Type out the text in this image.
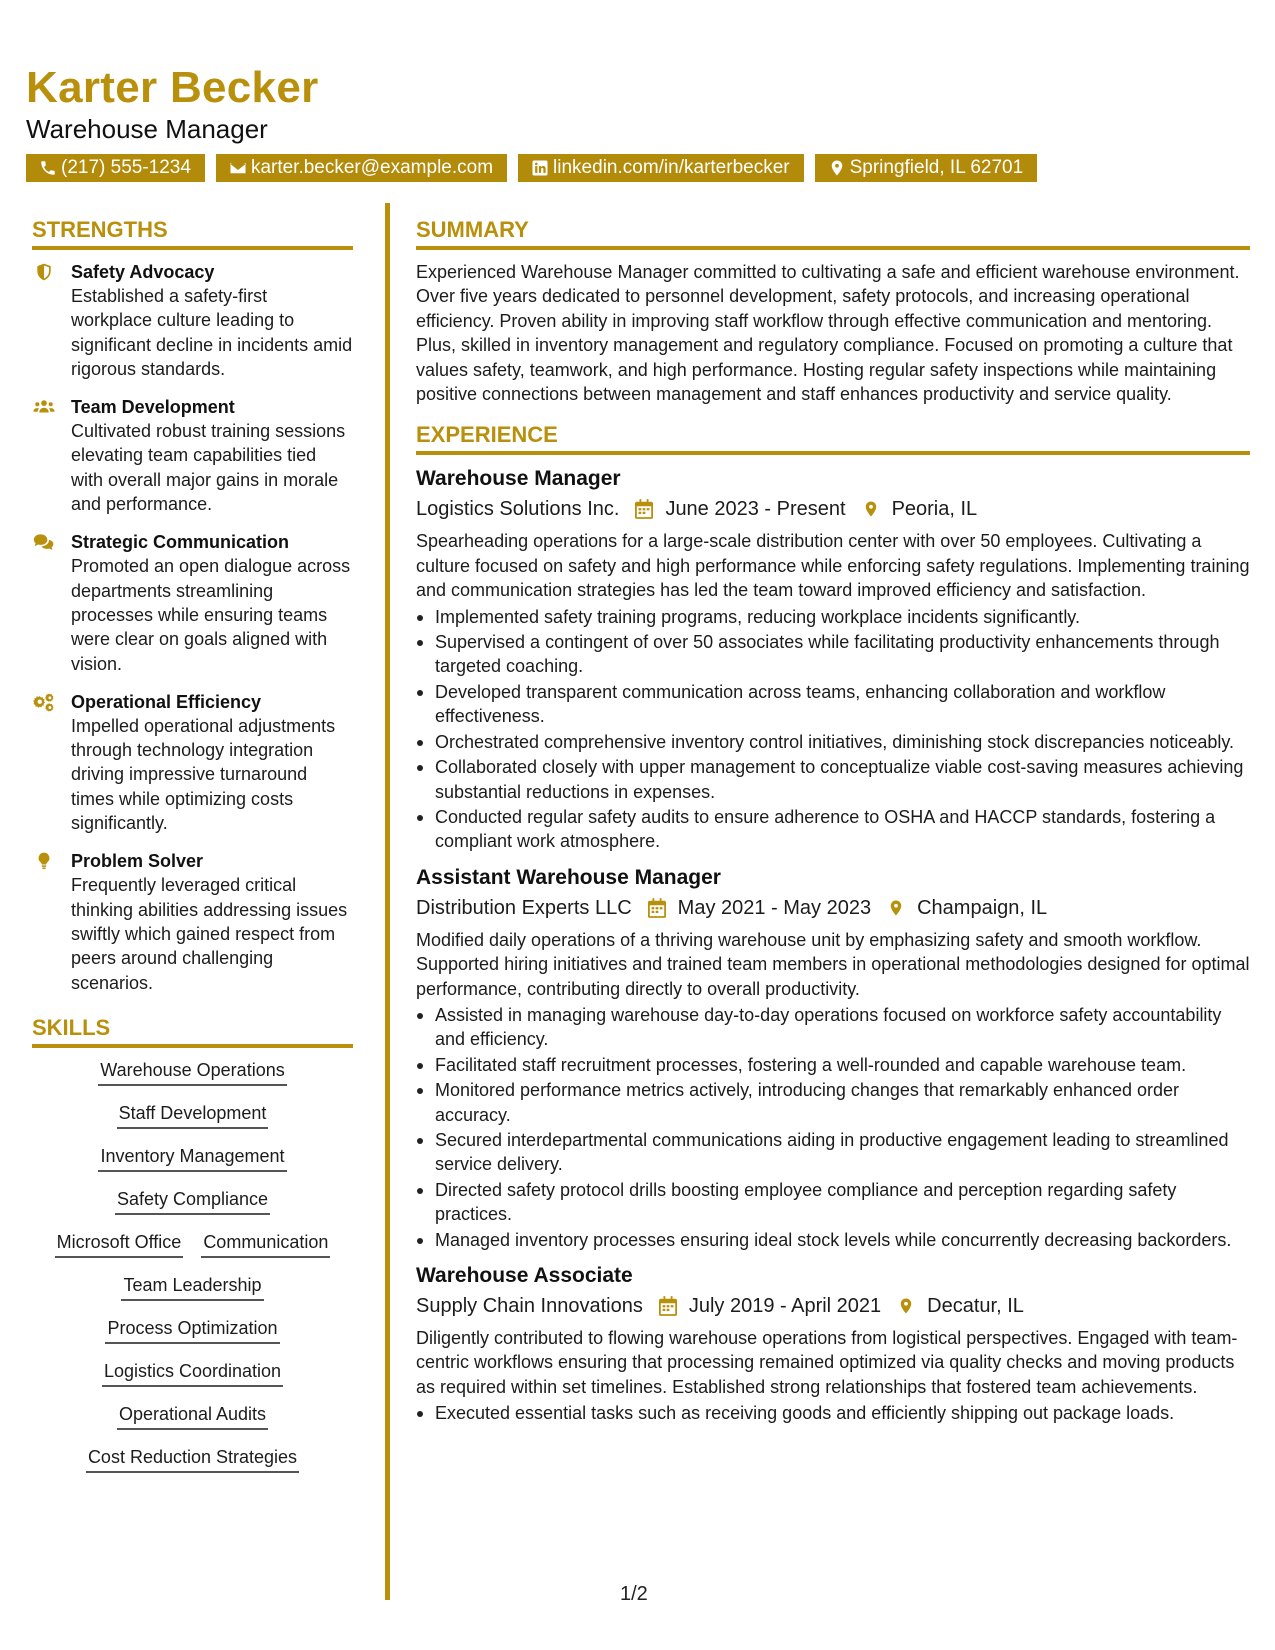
Karter Becker
Warehouse Manager
(217) 555-1234	karter.becker@example.com	linkedin.com/in/karterbecker	Springfield, IL 62701
STRENGTHS
Safety Advocacy
Established a safety-first workplace culture leading to significant decline in incidents amid rigorous standards.
Team Development
Cultivated robust training sessions elevating team capabilities tied with overall major gains in morale and performance.
Strategic Communication
Promoted an open dialogue across departments streamlining processes while ensuring teams were clear on goals aligned with vision.
Operational Efficiency
Impelled operational adjustments through technology integration driving impressive turnaround times while optimizing costs significantly.
Problem Solver
Frequently leveraged critical thinking abilities addressing issues swiftly which gained respect from peers around challenging scenarios.
SKILLS
Warehouse Operations
Staff Development
Inventory Management
Safety Compliance
Microsoft Office Communication
Team Leadership
Process Optimization
Logistics Coordination
Operational Audits
Cost Reduction Strategies
SUMMARY
Experienced Warehouse Manager committed to cultivating a safe and efficient warehouse environment. Over five years dedicated to personnel development, safety protocols, and increasing operational efficiency. Proven ability in improving staff workflow through effective communication and mentoring. Plus, skilled in inventory management and regulatory compliance. Focused on promoting a culture that values safety, teamwork, and high performance. Hosting regular safety inspections while maintaining positive connections between management and staff enhances productivity and service quality.
EXPERIENCE
Warehouse Manager
Logistics Solutions Inc. June 2023 - Present Peoria, IL
Spearheading operations for a large-scale distribution center with over 50 employees. Cultivating a culture focused on safety and high performance while enforcing safety regulations. Implementing training and communication strategies has led the team toward improved efficiency and satisfaction.
Implemented safety training programs, reducing workplace incidents significantly.
Supervised a contingent of over 50 associates while facilitating productivity enhancements through targeted coaching.
Developed transparent communication across teams, enhancing collaboration and workflow effectiveness.
Orchestrated comprehensive inventory control initiatives, diminishing stock discrepancies noticeably.
Collaborated closely with upper management to conceptualize viable cost-saving measures achieving substantial reductions in expenses.
Conducted regular safety audits to ensure adherence to OSHA and HACCP standards, fostering a compliant work atmosphere.
Assistant Warehouse Manager
Distribution Experts LLC May 2021 - May 2023 Champaign, IL
Modified daily operations of a thriving warehouse unit by emphasizing safety and smooth workflow. Supported hiring initiatives and trained team members in operational methodologies designed for optimal performance, contributing directly to overall productivity.
Assisted in managing warehouse day-to-day operations focused on workforce safety accountability and efficiency.
Facilitated staff recruitment processes, fostering a well-rounded and capable warehouse team.
Monitored performance metrics actively, introducing changes that remarkably enhanced order accuracy.
Secured interdepartmental communications aiding in productive engagement leading to streamlined service delivery.
Directed safety protocol drills boosting employee compliance and perception regarding safety practices.
Managed inventory processes ensuring ideal stock levels while concurrently decreasing backorders.
Warehouse Associate
Supply Chain Innovations July 2019 - April 2021 Decatur, IL
Diligently contributed to flowing warehouse operations from logistical perspectives. Engaged with team-centric workflows ensuring that processing remained optimized via quality checks and moving products as required within set timelines. Established strong relationships that fostered team achievements.
Executed essential tasks such as receiving goods and efficiently shipping out package loads.
1/2
